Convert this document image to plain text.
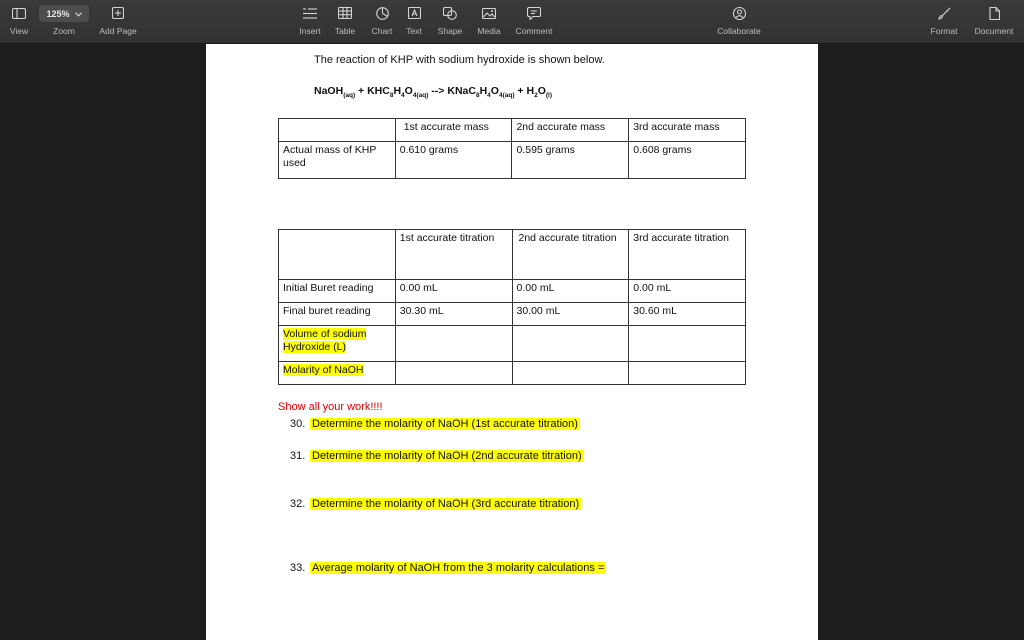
View
125%
Zoom	Add Page	Insert Table Chart Text Shape Media Comment	Collaborate	Format Document
The reaction of KHP with sodium hydroxide is shown below.
NaOH$_{(aq)}$ + $KHC_8H_4O_{4(aq)}$ --> $KNaC_8H_4O_{4(aq)} + H_2O_{(l)}$
	1st accurate mass	2nd accurate mass	3rd accurate mass
Actual mass of KHP used	0.610 grams	0.595 grams	0.608 grams
	1st accurate titration	2nd accurate titration	3rd accurate titration
Initial Buret reading	0.00 mL	0.00 mL	0.00 mL
Final buret reading	30.30 mL	30.00 mL	30.60 mL
Volume of sodium Hydroxide (L)			
Molarity of NaOH			
Show all your work!!!!
30. Determine the molarity of NaOH (1st accurate titration)
31. Determine the molarity of NaOH (2nd accurate titration)
32. Determine the molarity of NaOH (3rd accurate titration)
33. Average molarity of NaOH from the 3 molarity calculations =
